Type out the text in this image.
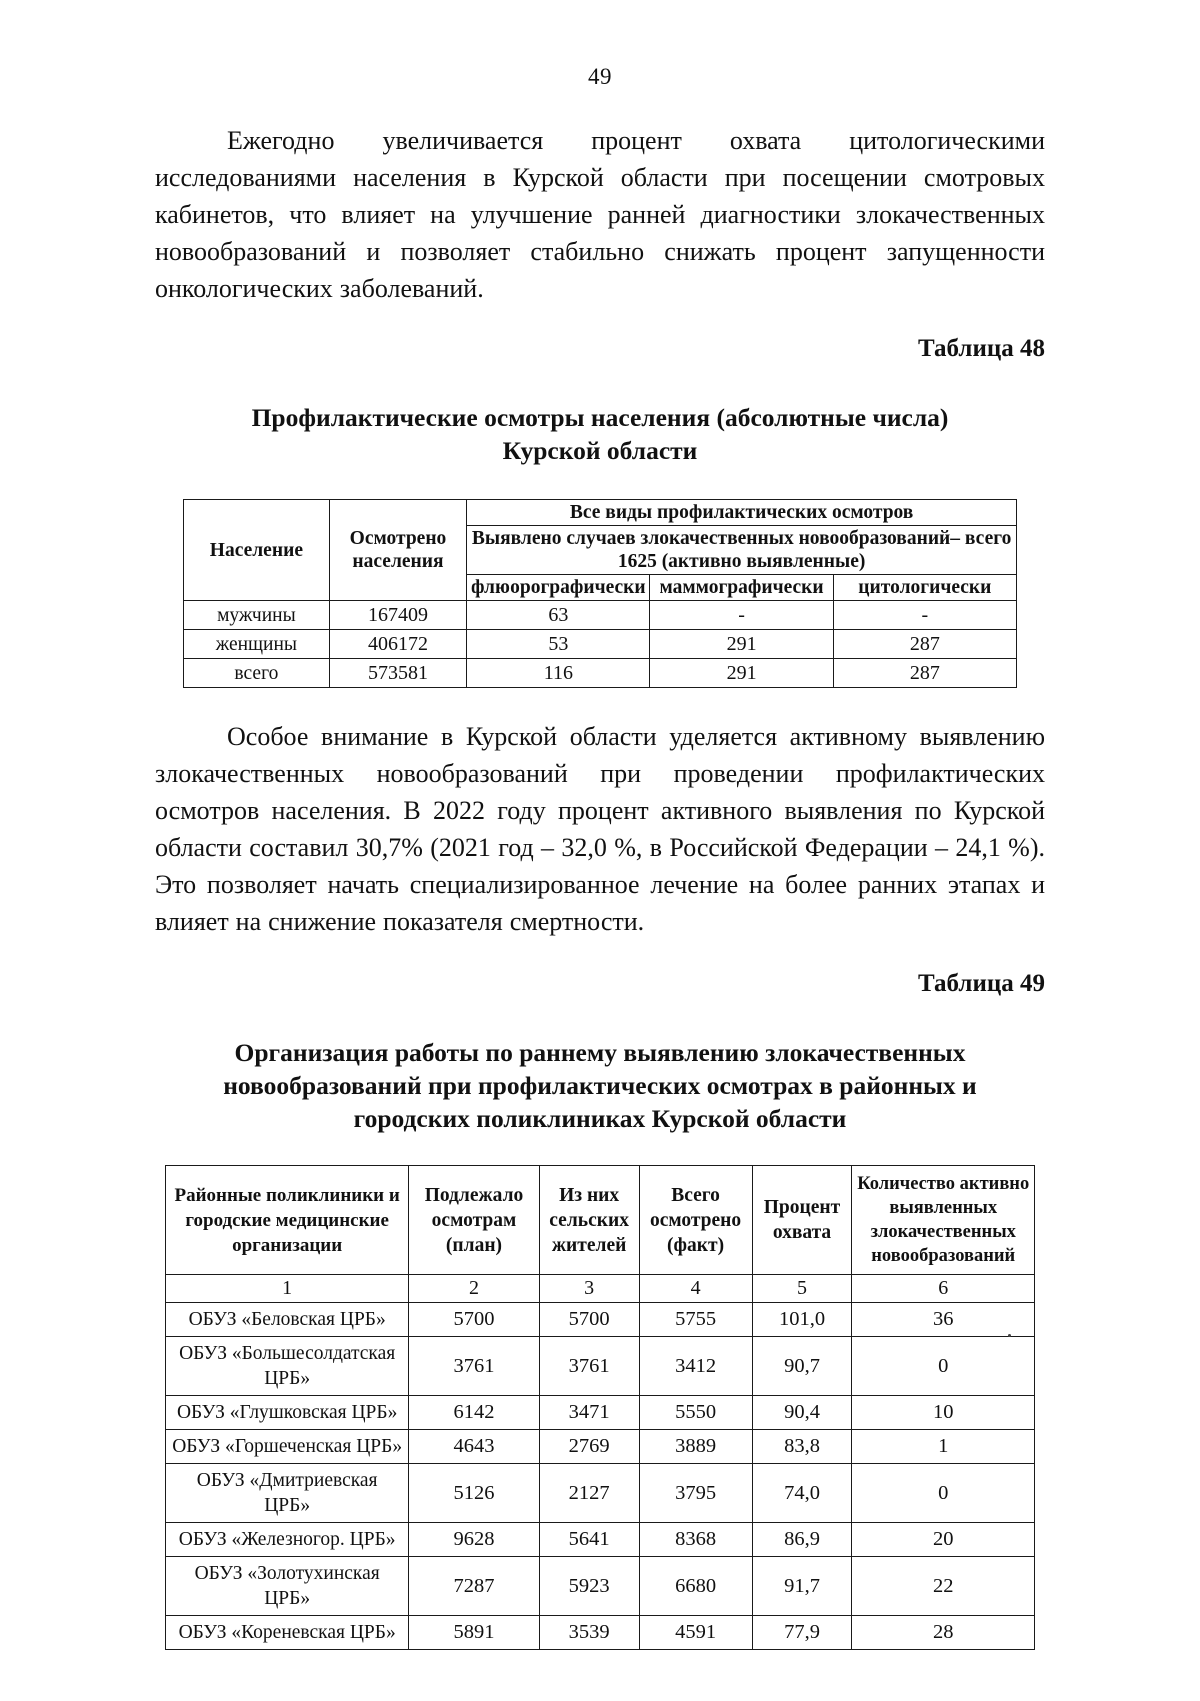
49

Ежегодно увеличивается процент охвата цитологическими исследованиями населения в Курской области при посещении смотровых кабинетов, что влияет на улучшение ранней диагностики злокачественных новообразований и позволяет стабильно снижать процент запущенности онкологических заболеваний.

Таблица 48
Профилактические осмотры населения (абсолютные числа)
Курской области
Население	Осмотрено населения	Все виды профилактических осмотров		
		Выявлено случаев злокачественных новообразований– всего 1625 (активно выявленные)		
		флюорографически	маммографически	цитологически
мужчины	167409	63	-	-
женщины	406172	53	291	287
всего	573581	116	291	287

Особое внимание в Курской области уделяется активному выявлению злокачественных новообразований при проведении профилактических осмотров населения. В 2022 году процент активного выявления по Курской области составил 30,7% (2021 год – 32,0 %, в Российской Федерации – 24,1 %). Это позволяет начать специализированное лечение на более ранних этапах и влияет на снижение показателя смертности.

Таблица 49
Организация работы по раннему выявлению злокачественных
новообразований при профилактических осмотрах в районных и
городских поликлиниках Курской области
Районные поликлиники и городские медицинские организации	Подлежало осмотрам (план)	Из них сельских жителей	Всего осмотрено (факт)	Процент охвата	Количество активно выявленных злокачественных новообразований
1	2	3	4	5	6
ОБУЗ «Беловская ЦРБ»	5700	5700	5755	101,0	36
ОБУЗ «Большесолдатская ЦРБ»	3761	3761	3412	90,7	0
ОБУЗ «Глушковская ЦРБ»	6142	3471	5550	90,4	10
ОБУЗ «Горшеченская ЦРБ»	4643	2769	3889	83,8	1
ОБУЗ «Дмитриевская ЦРБ»	5126	2127	3795	74,0	0
ОБУЗ «Железногор. ЦРБ»	9628	5641	8368	86,9	20
ОБУЗ «Золотухинская ЦРБ»	7287	5923	6680	91,7	22
ОБУЗ «Кореневская ЦРБ»	5891	3539	4591	77,9	28
